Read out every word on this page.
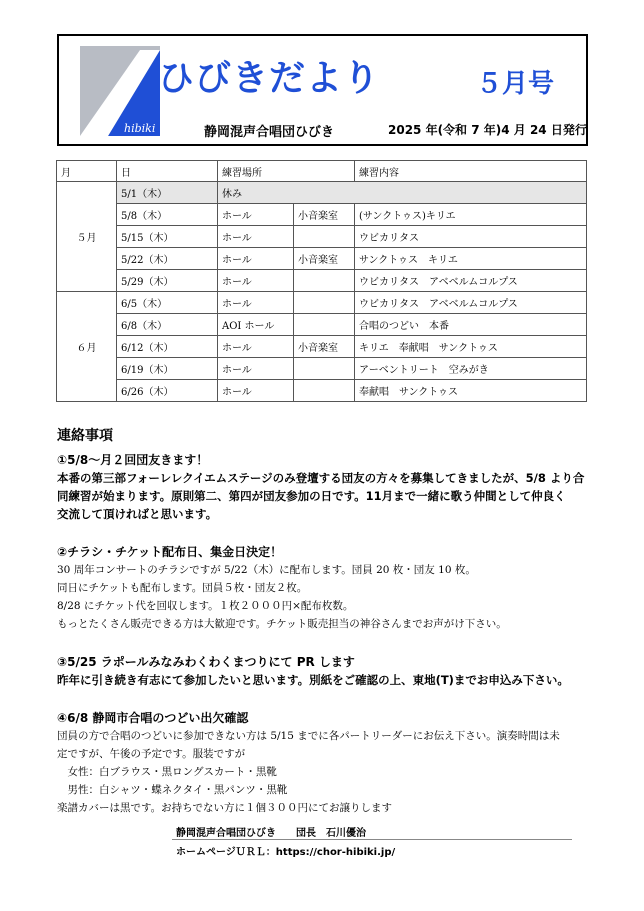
hibiki
ひびきだより	５月号
静岡混声合唱団ひびき	2025 年(令和 7 年)4 月 24 日発行
月	日	練習場所		練習内容
５月	5/1（木）	休み		
	5/8（木）	ホール	小音楽室	(サンクトゥス)キリエ
	5/15（木）	ホール		ウビカリタス
	5/22（木）	ホール	小音楽室	サンクトゥス　キリエ
	5/29（木）	ホール		ウビカリタス　アベベルムコルプス
６月	6/5（木）	ホール		ウビカリタス　アベベルムコルプス
	6/8（木）	AOI ホール		合唱のつどい　本番
	6/12（木）	ホール	小音楽室	キリエ　奉献唱　サンクトゥス
	6/19（木）	ホール		アーベントリート　空みがき
	6/26（木）	ホール		奉献唱　サンクトゥス
連絡事項
①5/8～月２回団友きます！
本番の第三部フォーレレクイエムステージのみ登壇する団友の方々を募集してきましたが、5/8 より合
同練習が始まります。原則第二、第四が団友参加の日です。11月まで一緒に歌う仲間として仲良く
交流して頂ければと思います。
②チラシ・チケット配布日、集金日決定！
30 周年コンサートのチラシですが 5/22（木）に配布します。団員 20 枚・団友 10 枚。
同日にチケットも配布します。団員５枚・団友２枚。
8/28 にチケット代を回収します。１枚２０００円×配布枚数。
もっとたくさん販売できる方は大歓迎です。チケット販売担当の神谷さんまでお声がけ下さい。
③5/25 ラポールみなみわくわくまつりにて PR します
昨年に引き続き有志にて参加したいと思います。別紙をご確認の上、東地(T)までお申込み下さい。
④6/8 静岡市合唱のつどい出欠確認
団員の方で合唱のつどいに参加できない方は 5/15 までに各パートリーダーにお伝え下さい。演奏時間は未
定ですが、午後の予定です。服装ですが
　女性：白ブラウス・黒ロングスカート・黒靴
　男性：白シャツ・蝶ネクタイ・黒パンツ・黒靴
楽譜カバーは黒です。お持ちでない方に１個３００円にてお譲りします
静岡混声合唱団ひびき　　団長　石川優治
ホームページＵＲＬ：https://chor-hibiki.jp/
